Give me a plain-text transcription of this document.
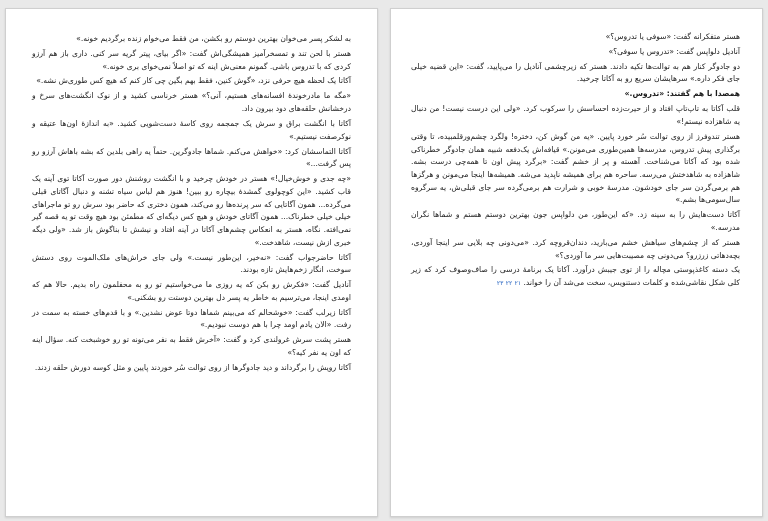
به لشکر پسر می‌خوان بهترین دوستم رو بکشن، من فقط می‌خوام زنده برگردیم خونه.»

هستر با لحن تند و تمسخرآمیز همیشگی‌اش گفت: «اگر بیای، پیتر گریه سر کنی. داری باز هم آرزو کردی که با تدروس باشی. گمونم معنی‌ش اینه که تو اصلاً نمی‌خوای بری خونه.»

آکاتا یک لحظه هیچ حرفی نزد، «گوش کنین، فقط بهم بگین چی کار کنم که هیچ کس طوری‌ش نشه.»

«مگه ما مادرخوندهٔ افسانه‌های هستیم، آنی؟» هستر خرناسی کشید و از نوک انگشت‌های سرخ و درخشانش حلقه‌های دود بیرون داد.

آکاتا با انگشت براق و سرش یک جمجمه روی کاسهٔ دست‌شویی کشید. «به اندازهٔ اون‌ها عتیقه و نوکرصفت نیستیم.»

آکاتا التماسشان کرد: «خواهش می‌کنم. شماها جادوگرین. حتماً یه راهی بلدین که بشه باهاش آرزو رو پس گرفت...»

«چه جدی و خوش‌خیال!» هستر در خودش چرخید و با انگشت روشنش دور صورت آکاتا توی آینه یک قاب کشید. «این کوچولوی گمشدهٔ بیچاره رو ببین! هنوز هم لباس سیاه تشنه و دنبال آگاتای قبلی می‌گرده... همون آگاتایی که سر پرنده‌ها رو می‌کند، همون دختری که حاضر بود سرش رو تو ماجراهای خیلی خیلی خطرناک... همون آگاتای خودش و هیچ کس دیگه‌ای که مطمئن بود هیچ وقت تو یه قصه گیر نمی‌افته. نگاه، هستر به انعکاس چشم‌های آکاتا در آینه افتاد و نیشش تا بناگوش باز شد. «ولی دیگه خبری ازش نیست، شاهدخت.»

آکاتا حاضرجواب گفت: «نه‌خیر، این‌طور نیست.» ولی جای خراش‌های ملک‌الموت روی دستش سوخت، انگار زخم‌هایش تازه بودند.

آناديل گفت: «فکرش رو بکن که یه روزی ما می‌خواستیم تو رو به محفلمون راه بدیم. حالا هم که اومدی اینجا، می‌ترسیم به خاطر یه پسر دل بهترین دوستت رو بشکنی.»

آکاتا زیرلب گفت: «خوشحالم که می‌بینم شماها دوتا عوض نشدین.» و با قدم‌های خسته به سمت در رفت. «الان یادم اومد چرا با هم دوست نبودیم.»

هستر پشت سرش غرولندی کرد و گفت: «آخرش فقط به نفر می‌تونه تو رو خوشبخت کنه. سؤال اینه که اون یه نفر کیه؟»

آکاتا رویش را برگرداند و دید جادوگرها از روی توالت سُر خوردند پایین و مثل کوسه دورش حلقه زدند.

هستر متفکرانه گفت: «سوفی یا تدروس؟»

آناديل دلواپس گفت: «تدروس یا سوفی؟»

دو جادوگر کنار هم به توالت‌ها تکیه دادند. هستر که زیرچشمی آناديل را می‌پایید، گفت: «این قضیه خیلی جای فکر داره.» سرهایشان سریع رو به آکاتا چرخید.

همصدا با هم گفتند: «تدروس.»

قلب آکاتا به تاپ‌تاپ افتاد و از حیرت‌زده احساسش را سرکوب کرد. «ولی این درست نیست! من دنبال یه شاهزاده نیستم!»

هستر تندوفرز از روی توالت سُر خورد پایین. «یه من گوش کن، دختره! ولگرد چشم‌ورقلمبیده، تا وقتی برگذاری پیش تدروس، مدرسه‌ها همین‌طوری می‌مونن.» قیافه‌اش یک‌دفعه شبیه همان جادوگر خطرناکی شده بود که آکاتا می‌شناخت. آهسته و پر از خشم گفت: «برگرد پیش اون تا همه‌چی درست بشه. شاهزاده به شاهدختش می‌رسه. ساحره هم برای همیشه ناپدید می‌شه. همیشه‌ها اینجا می‌مونن و هرگزها هم برمی‌گردن سر جای خودشون. مدرسهٔ خوبی و شرارت هم برمی‌گرده سر جای قبلی‌ش، یه سرگروه سال‌سومی‌ها بشم.»

آکاتا دست‌هایش را به سینه زد. «که این‌طور، من دلواپس جون بهترین دوستم هستم و شماها نگران مدرسه.»

هستر که از چشم‌های سیاهش خشم می‌بارید، دندان‌قروچه کرد. «می‌دونی چه بلایی سر اینجا آوردی، بچه‌دهاتی زرزرو؟ می‌دونی چه مصیبت‌هایی سر ما آوردی؟»

یک دسته کاغذپوستی مچاله را از توی جیبش درآورد. آکاتا یک برنامهٔ درسی را صاف‌وصوف کرد که زیر کلی شکل نقاشی‌شده و کلمات دستنویس، سخت می‌شد آن را خواند. ۲۱ ۲۲ ۲۳
